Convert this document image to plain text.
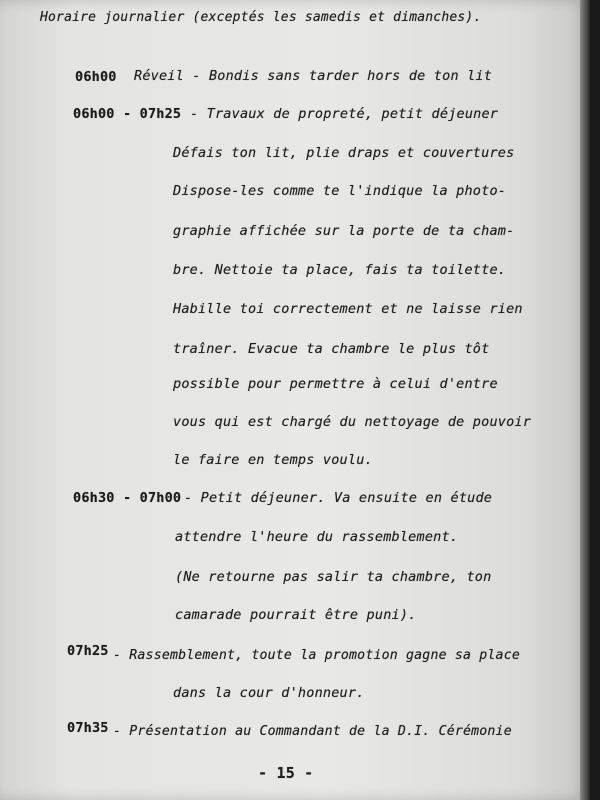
Horaire journalier (exceptés les samedis et dimanches).
06h00 Réveil - Bondis sans tarder hors de ton lit
06h00 - 07h25 - Travaux de propreté, petit déjeuner
Défais ton lit, plie draps et couvertures
Dispose-les comme te l'indique la photo-
graphie affichée sur la porte de ta cham-
bre. Nettoie ta place, fais ta toilette.
Habille toi correctement et ne laisse rien
traîner. Evacue ta chambre le plus tôt
possible pour permettre à celui d'entre
vous qui est chargé du nettoyage de pouvoir
le faire en temps voulu.
06h30 - 07h00 - Petit déjeuner. Va ensuite en étude
attendre l'heure du rassemblement.
(Ne retourne pas salir ta chambre, ton
camarade pourrait être puni).
07h25 - Rassemblement, toute la promotion gagne sa place
dans la cour d'honneur.
07h35 - Présentation au Commandant de la D.I. Cérémonie
- 15 -
